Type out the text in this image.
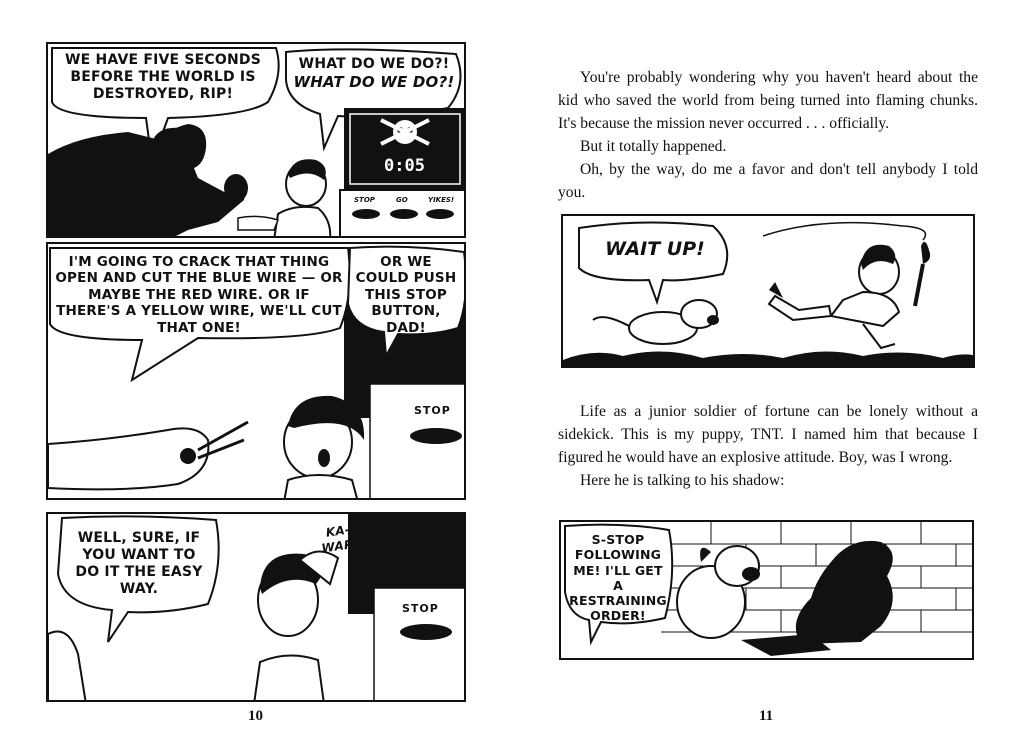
WE HAVE FIVE SECONDS BEFORE THE WORLD IS DESTROYED, RIP!
WHAT DO WE DO?!
WHAT DO WE DO?!
0:05
STOP	GO	YIKES!
I'M GOING TO CRACK THAT THING OPEN AND CUT THE BLUE WIRE — OR MAYBE THE RED WIRE. OR IF THERE'S A YELLOW WIRE, WE'LL CUT THAT ONE!
OR WE COULD PUSH THIS STOP BUTTON, DAD!
STOP
WELL, SURE, IF YOU WANT TO DO IT THE EASY WAY.
KA-WAP!
STOP
10

You're probably wondering why you haven't heard about the kid who saved the world from being turned into flaming chunks. It's because the mission never occurred . . . officially.

But it totally happened.

Oh, by the way, do me a favor and don't tell anybody I told you.

WAIT UP!

Life as a junior soldier of fortune can be lonely without a sidekick. This is my puppy, TNT. I named him that because I figured he would have an explosive attitude. Boy, was I wrong.

Here he is talking to his shadow:

S-STOP FOLLOWING ME! I'LL GET A RESTRAINING ORDER!
11
